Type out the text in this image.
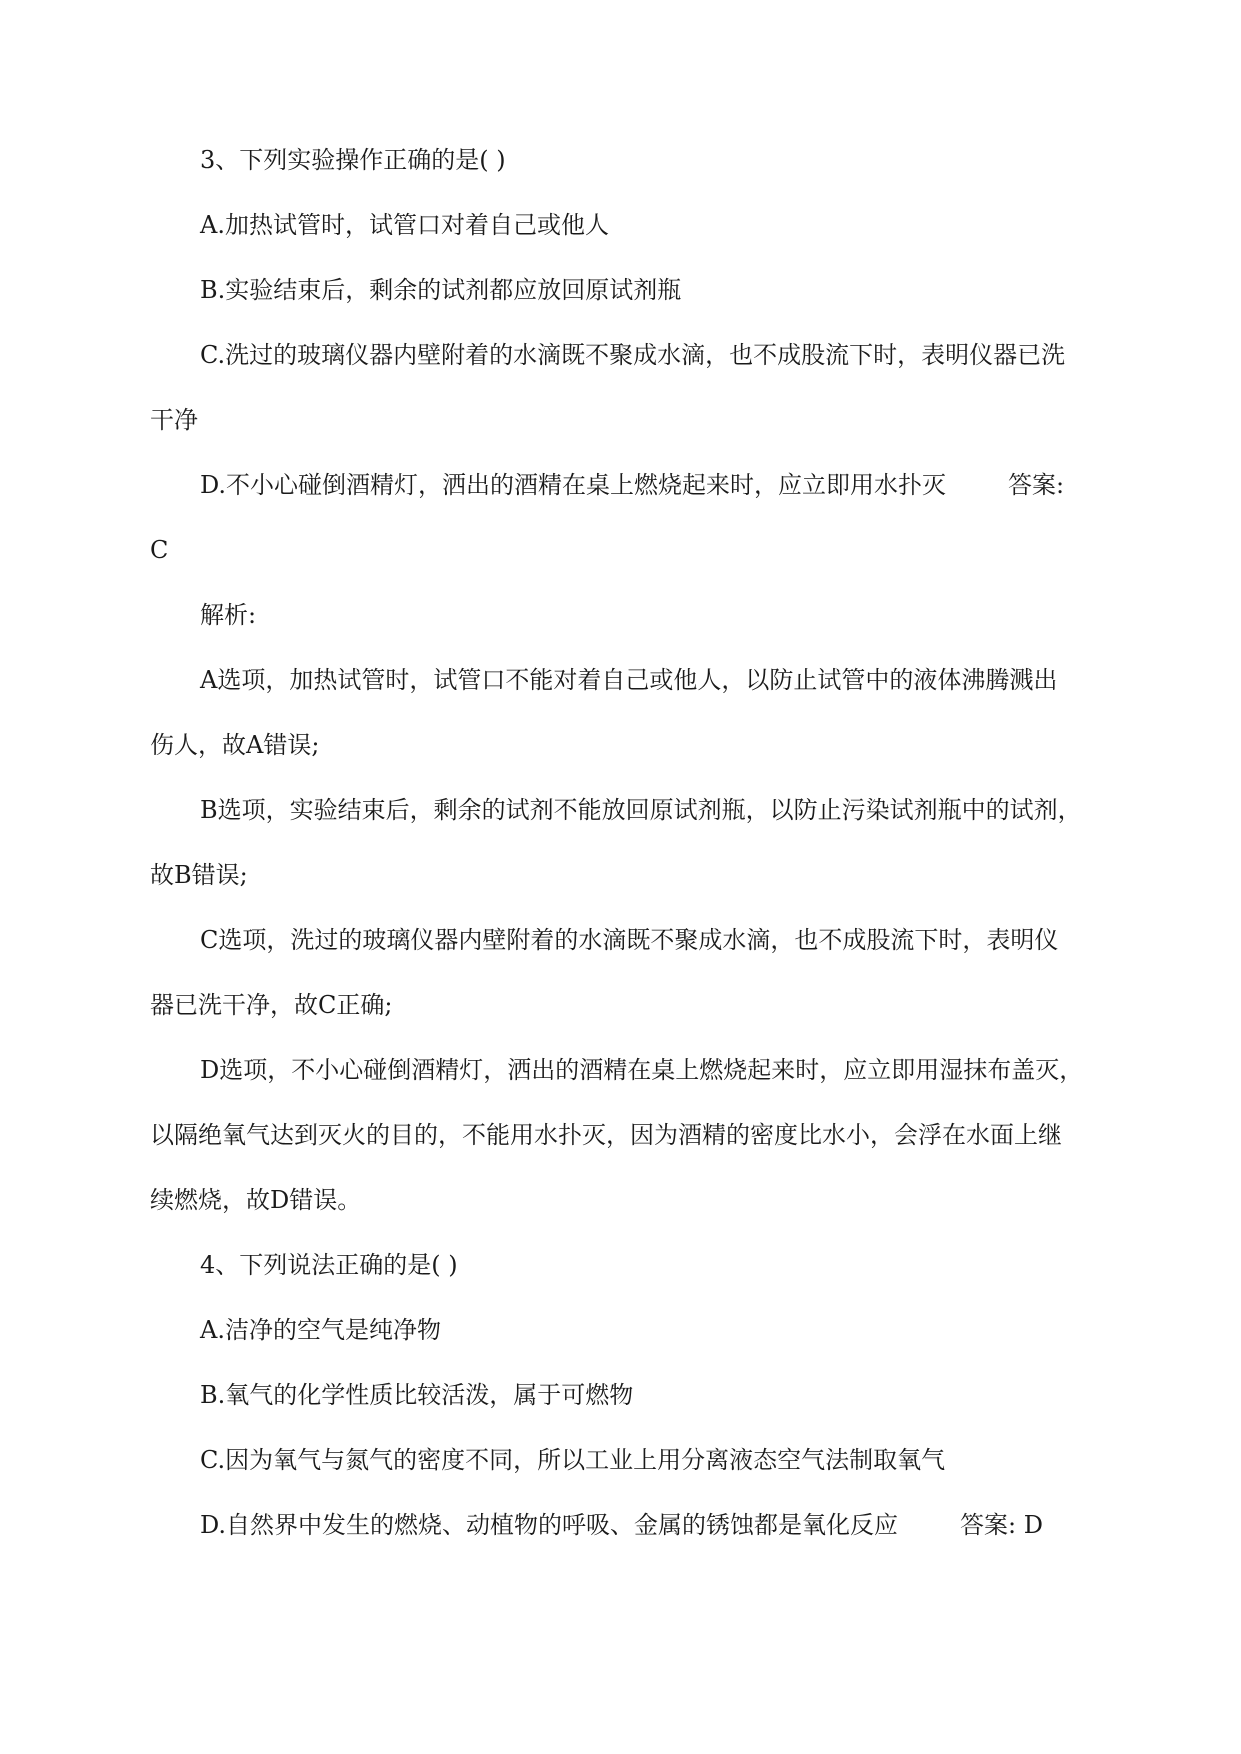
3、下列实验操作正确的是( )

A.加热试管时，试管口对着自己或他人

B.实验结束后，剩余的试剂都应放回原试剂瓶

C.洗过的玻璃仪器内壁附着的水滴既不聚成水滴，也不成股流下时，表明仪器已洗

干净

D.不小心碰倒酒精灯，洒出的酒精在桌上燃烧起来时，应立即用水扑灭	答案:

C

解析:

A选项，加热试管时，试管口不能对着自己或他人，以防止试管中的液体沸腾溅出

伤人，故A错误;

B选项，实验结束后，剩余的试剂不能放回原试剂瓶，以防止污染试剂瓶中的试剂，

故B错误;

C选项，洗过的玻璃仪器内壁附着的水滴既不聚成水滴，也不成股流下时，表明仪

器已洗干净，故C正确;

D选项，不小心碰倒酒精灯，洒出的酒精在桌上燃烧起来时，应立即用湿抹布盖灭，

以隔绝氧气达到灭火的目的，不能用水扑灭，因为酒精的密度比水小，会浮在水面上继

续燃烧，故D错误。

4、下列说法正确的是( )

A.洁净的空气是纯净物

B.氧气的化学性质比较活泼，属于可燃物

C.因为氧气与氮气的密度不同，所以工业上用分离液态空气法制取氧气

D.自然界中发生的燃烧、动植物的呼吸、金属的锈蚀都是氧化反应	答案: D
